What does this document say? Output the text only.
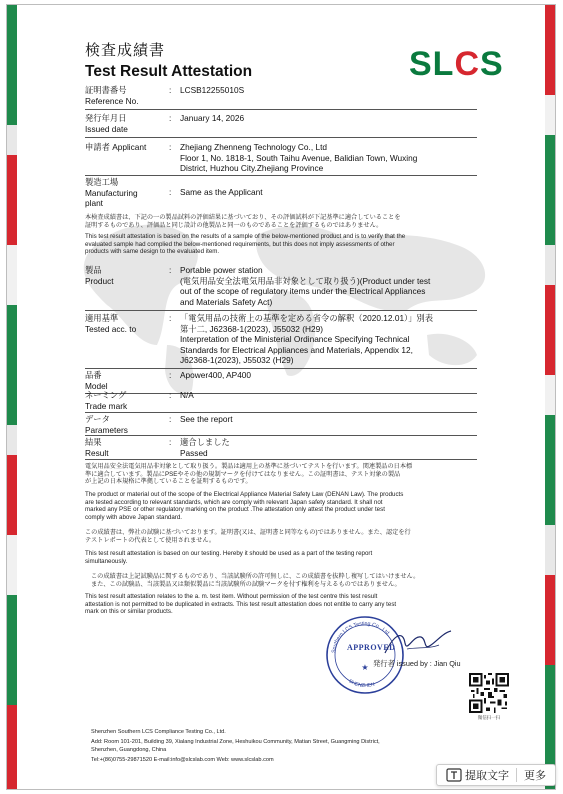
検査成績書
Test Result Attestation	SLCS
証明書番号
Reference No.
: LCSB12255010S
発行年月日
Issued date
: January 14, 2026
申請者 Applicant	: Zhejiang Zhenneng Technology Co., Ltd
Floor 1, No. 1818-1, South Taihu Avenue, Balidian Town, Wuxing
District, Huzhou City.Zhejiang Province
製造工場
Manufacturing
plant
: Same as the Applicant
本検査成績書は、下記の一の製品試料の評価結果に基づいており、その評価試料が下記基準に適合していることを
証明するものであり、評価品と同じ設計の他製品と同一のものであることを評価するものではありません。
This test result attestation is based on the results of a sample of the below-mentioned product and is to verify that the
evaluated sample had complied the below-mentioned requirements, but this does not imply assessments of other
products with same design to the evaluated item.
製品
Product
: Portable power station
(電気用品安全法電気用品非対象として取り扱う)(Product under test
out of the scope of regulatory items under the Electrical Appliances
and Materials Safety Act)
適用基準
Tested acc. to
: 「電気用品の技術上の基準を定める省令の解釈（2020.12.01）」別表
第十二, J62368-1(2023), J55032 (H29)
Interpretation of the Ministerial Ordinance Specifying Technical
Standards for Electrical Appliances and Materials, Appendix 12,
J62368-1(2023), J55032 (H29)
品番
Model
: Apower400, AP400
ネーミング
Trade mark
: N/A
データ
Parameters
: See the report
結果
Result
: 適合しました
Passed
電気用品安全法電気用品非対象として取り扱う。製品は適用上の基準に基づいてテストを行います。関連製品の日本標
準に適合しています。製品にPSEやその他の規制マークを付けてはなりません。この証明書は、テスト対象の製品
が上記の日本規格に準拠していることを証明するものです。
The product or material out of the scope of the Electrical Appliance Material Safety Law (DENAN Law). The products
are tested according to relevant standards, which are comply with relevant Japan safety standard. It shall not
marked any PSE or other regulatory marking on the product .The attestation only attest the product under test
comply with above Japan standard.
この成績書は、弊社の試験に基づいております。証明書(又は、証明書と同等なもの)ではありません。また、認定を行
テストレポートの代表として使用されません。
This test result attestation is based on our testing. Hereby it should be used as a part of the testing report
simultaneously.
この成績書は上記試験品に関するものであり、当該試験所の許可無しに、この成績書を抜粋し複写してはいけません。
また、この試験品、当該製品又は類似製品に当該試験所の試験マークを付す権利を与えるものではありません。
This test result attestation relates to the a. m. test item. Without permission of the test centre this test result
attestation is not permitted to be duplicated in extracts. This test result attestation does not entitle to carry any test
mark on this or similar products.
Southern LCS Testing Co., Ltd.
SHENZHEN
★
APPROVED
発行者 issued by : Jian Qiu
微信扫一扫
Shenzhen Southern LCS Compliance Testing Co., Ltd.
Add: Room 101-201, Building 39, Xialang Industrial Zone, Heshuikou Community, Matian Street, Guangming District,
Shenzhen, Guangdong, China
Tel:+(86)0755-29871520 E-mail:info@slcslab.com Web: www.slcslab.com
提取文字 更多
